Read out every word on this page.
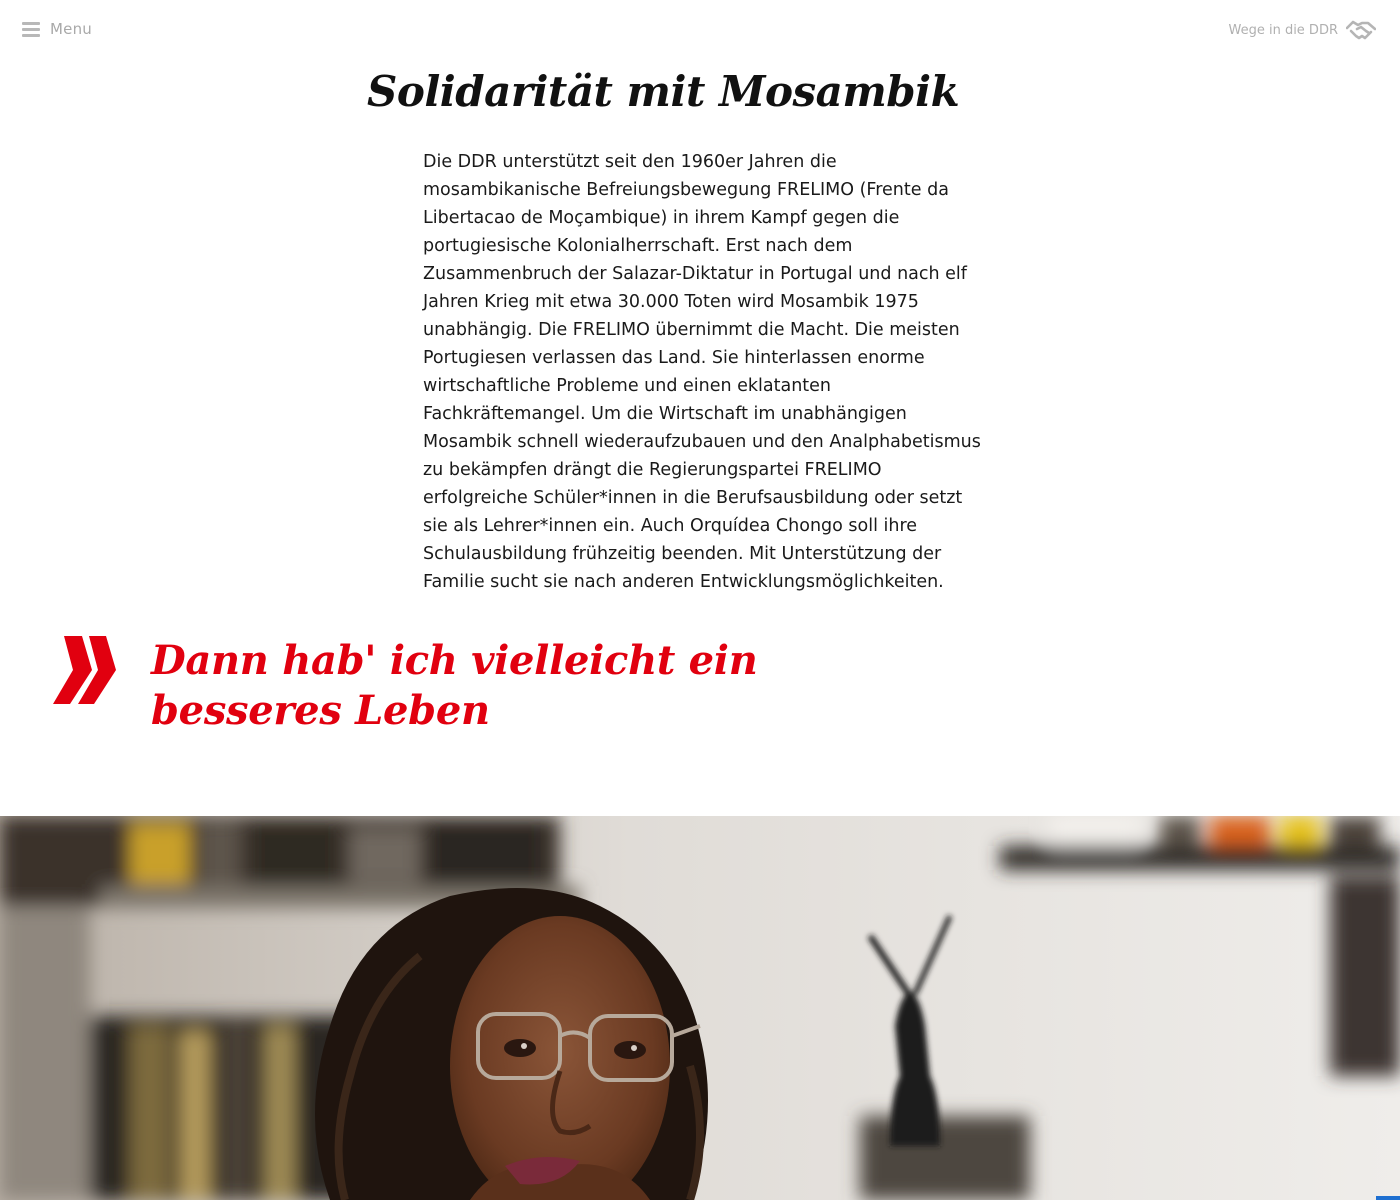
Menu	Wege in die DDR
Solidarität mit Mosambik

Die DDR unterstützt seit den 1960er Jahren die mosambikanische Befreiungsbewegung FRELIMO (Frente da Libertacao de Moçambique) in ihrem Kampf gegen die portugiesische Kolonialherrschaft. Erst nach dem Zusammenbruch der Salazar-Diktatur in Portugal und nach elf Jahren Krieg mit etwa 30.000 Toten wird Mosambik 1975 unabhängig. Die FRELIMO übernimmt die Macht. Die meisten Portugiesen verlassen das Land. Sie hinterlassen enorme wirtschaftliche Probleme und einen eklatanten Fachkräftemangel. Um die Wirtschaft im unabhängigen Mosambik schnell wiederaufzubauen und den Analphabetismus zu bekämpfen drängt die Regierungspartei FRELIMO erfolgreiche Schüler*innen in die Berufsausbildung oder setzt sie als Lehrer*innen ein. Auch Orquídea Chongo soll ihre Schulausbildung frühzeitig beenden. Mit Unterstützung der Familie sucht sie nach anderen Entwicklungsmöglichkeiten.

Dann hab' ich vielleicht ein besseres Leben
